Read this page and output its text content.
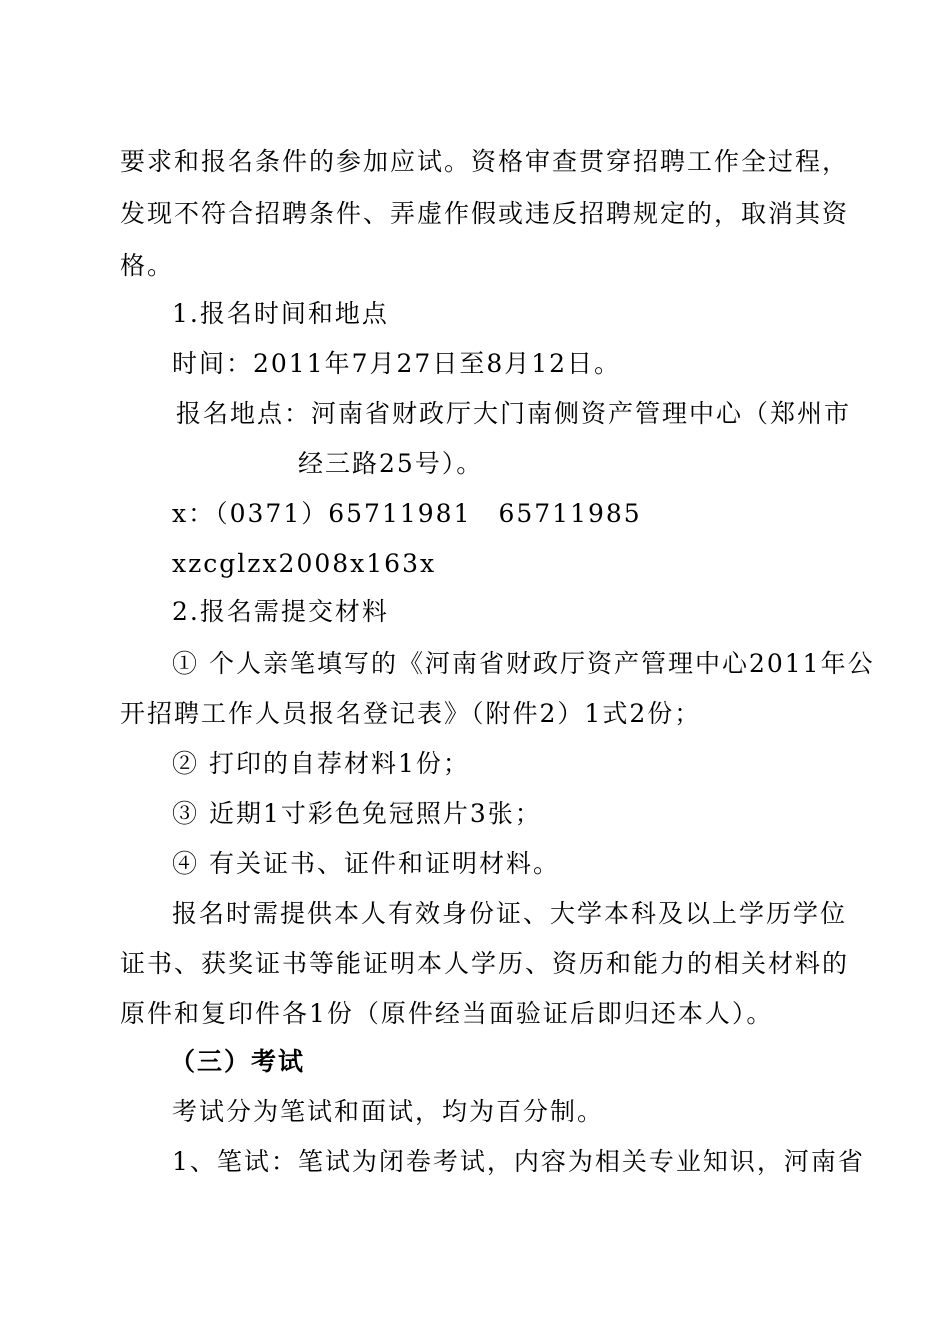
要求和报名条件的参加应试。资格审查贯穿招聘工作全过程，
发现不符合招聘条件、弄虚作假或违反招聘规定的，取消其资
格。
1.报名时间和地点
时间：2011年7月27日至8月12日。
报名地点：河南省财政厅大门南侧资产管理中心（郑州市
经三路25号）。
x：（0371）65711981　65711985
xzcglzx2008x163x
2.报名需提交材料
① 个人亲笔填写的《河南省财政厅资产管理中心2011年公
开招聘工作人员报名登记表》（附件2）1式2份；
② 打印的自荐材料1份；
③ 近期1寸彩色免冠照片3张；
④ 有关证书、证件和证明材料。
报名时需提供本人有效身份证、大学本科及以上学历学位
证书、获奖证书等能证明本人学历、资历和能力的相关材料的
原件和复印件各1份（原件经当面验证后即归还本人）。
（三）考试
考试分为笔试和面试，均为百分制。
1、笔试：笔试为闭卷考试，内容为相关专业知识，河南省
